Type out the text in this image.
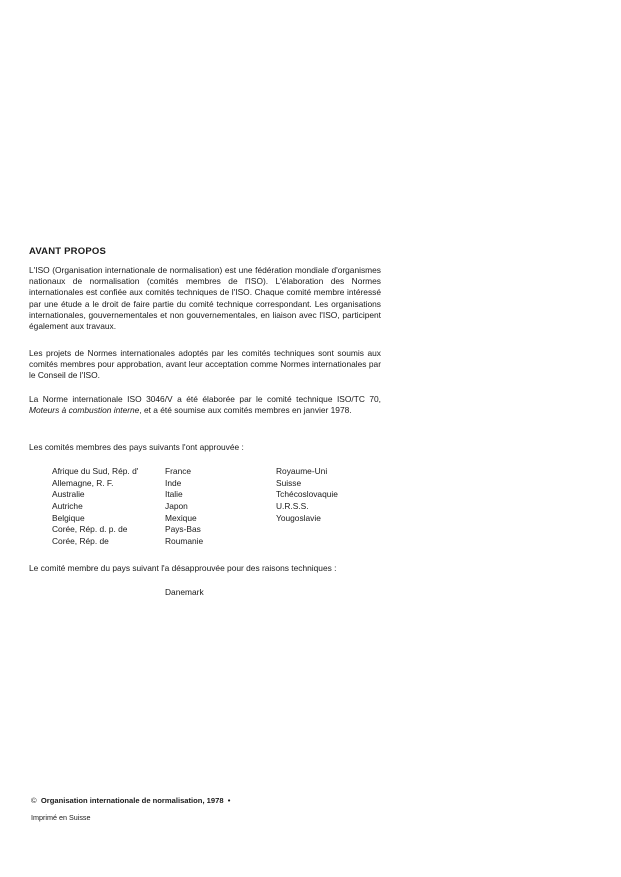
AVANT PROPOS
L'ISO (Organisation internationale de normalisation) est une fédération mondiale d'organismes nationaux de normalisation (comités membres de l'ISO). L'élaboration des Normes internationales est confiée aux comités techniques de l'ISO. Chaque comité membre intéressé par une étude a le droit de faire partie du comité technique correspondant. Les organisations internationales, gouvernementales et non gouvernementales, en liaison avec l'ISO, participent également aux travaux.
Les projets de Normes internationales adoptés par les comités techniques sont soumis aux comités membres pour approbation, avant leur acceptation comme Normes internationales par le Conseil de l'ISO.
La Norme internationale ISO 3046/V a été élaborée par le comité technique ISO/TC 70, Moteurs à combustion interne, et a été soumise aux comités membres en janvier 1978.
Les comités membres des pays suivants l'ont approuvée :
Afrique du Sud, Rép. d'
Allemagne, R. F.
Australie
Autriche
Belgique
Corée, Rép. d. p. de
Corée, Rép. de
France
Inde
Italie
Japon
Mexique
Pays-Bas
Roumanie
Royaume-Uni
Suisse
Tchécoslovaquie
U.R.S.S.
Yougoslavie
Le comité membre du pays suivant l'a désapprouvée pour des raisons techniques :
Danemark
© Organisation internationale de normalisation, 1978 •
Imprimé en Suisse
